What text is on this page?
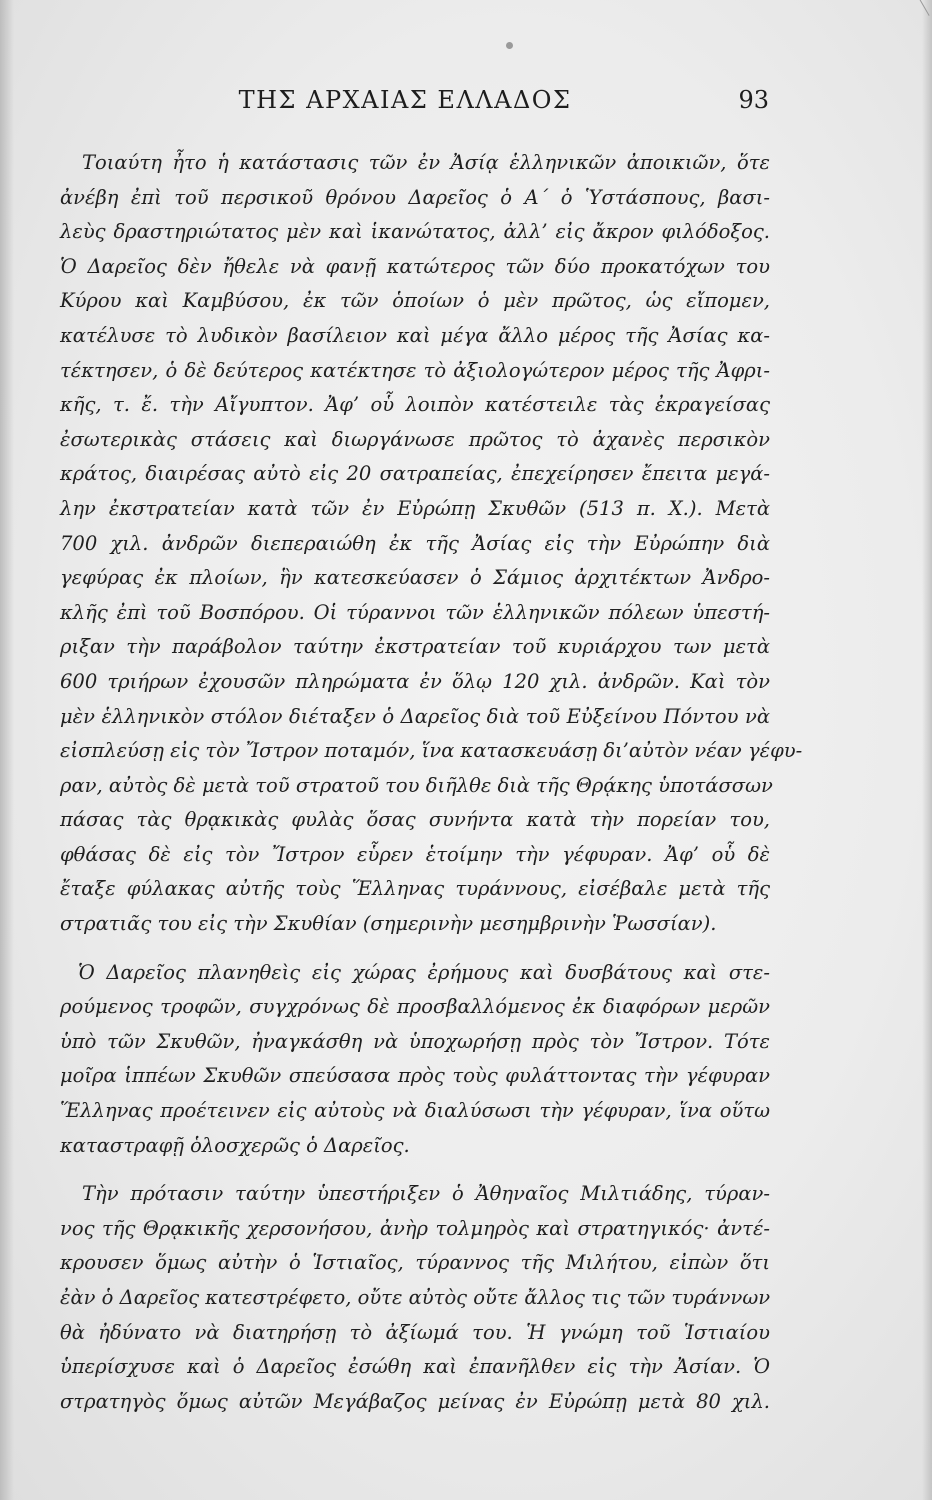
ΤΗΣ ΑΡΧΑΙΑΣ ΕΛΛΑΔΟΣ	93
Τοιαύτη ἦτο ἡ κατάστασις τῶν ἐν Ἀσίᾳ ἑλληνικῶν ἀποικιῶν, ὅτε
ἀνέβη ἐπὶ τοῦ περσικοῦ θρόνου Δαρεῖος ὁ Α΄ ὁ Ὑστάσπους, βασι-
λεὺς δραστηριώτατος μὲν καὶ ἱκανώτατος, ἀλλ’ εἰς ἄκρον φιλόδοξος.
Ὁ Δαρεῖος δὲν ἤθελε νὰ φανῇ κατώτερος τῶν δύο προκατόχων του
Κύρου καὶ Καμβύσου, ἐκ τῶν ὁποίων ὁ μὲν πρῶτος, ὡς εἴπομεν,
κατέλυσε τὸ λυδικὸν βασίλειον καὶ μέγα ἄλλο μέρος τῆς Ἀσίας κα-
τέκτησεν, ὁ δὲ δεύτερος κατέκτησε τὸ ἀξιολογώτερον μέρος τῆς Ἀφρι-
κῆς, τ. ἔ. τὴν Αἴγυπτον. Ἀφ’ οὗ λοιπὸν κατέστειλε τὰς ἐκραγείσας
ἐσωτερικὰς στάσεις καὶ διωργάνωσε πρῶτος τὸ ἀχανὲς περσικὸν
κράτος, διαιρέσας αὐτὸ εἰς 20 σατραπείας, ἐπεχείρησεν ἔπειτα μεγά-
λην ἐκστρατείαν κατὰ τῶν ἐν Εὐρώπῃ Σκυθῶν (513 π. Χ.). Μετὰ
700 χιλ. ἀνδρῶν διεπεραιώθη ἐκ τῆς Ἀσίας εἰς τὴν Εὐρώπην διὰ
γεφύρας ἐκ πλοίων, ἣν κατεσκεύασεν ὁ Σάμιος ἀρχιτέκτων Ἀνδρο-
κλῆς ἐπὶ τοῦ Βοσπόρου. Οἱ τύραννοι τῶν ἑλληνικῶν πόλεων ὑπεστή-
ριξαν τὴν παράβολον ταύτην ἐκστρατείαν τοῦ κυριάρχου των μετὰ
600 τριήρων ἐχουσῶν πληρώματα ἐν ὅλῳ 120 χιλ. ἀνδρῶν. Καὶ τὸν
μὲν ἑλληνικὸν στόλον διέταξεν ὁ Δαρεῖος διὰ τοῦ Εὐξείνου Πόντου νὰ
εἰσπλεύσῃ εἰς τὸν Ἴστρον ποταμόν, ἵνα κατασκευάσῃ δι’αὐτὸν νέαν γέφυ-
ραν, αὐτὸς δὲ μετὰ τοῦ στρατοῦ του διῆλθε διὰ τῆς Θρᾴκης ὑποτάσσων
πάσας τὰς θρᾳκικὰς φυλὰς ὅσας συνήντα κατὰ τὴν πορείαν του,
φθάσας δὲ εἰς τὸν Ἴστρον εὗρεν ἑτοίμην τὴν γέφυραν. Ἀφ’ οὗ δὲ
ἔταξε φύλακας αὐτῆς τοὺς Ἕλληνας τυράννους, εἰσέβαλε μετὰ τῆς
στρατιᾶς του εἰς τὴν Σκυθίαν (σημερινὴν μεσημβρινὴν Ῥωσσίαν).
Ὁ Δαρεῖος πλανηθεὶς εἰς χώρας ἐρήμους καὶ δυσβάτους καὶ στε-
ρούμενος τροφῶν, συγχρόνως δὲ προσβαλλόμενος ἐκ διαφόρων μερῶν
ὑπὸ τῶν Σκυθῶν, ἠναγκάσθη νὰ ὑποχωρήσῃ πρὸς τὸν Ἴστρον. Τότε
μοῖρα ἱππέων Σκυθῶν σπεύσασα πρὸς τοὺς φυλάττοντας τὴν γέφυραν
Ἕλληνας προέτεινεν εἰς αὐτοὺς νὰ διαλύσωσι τὴν γέφυραν, ἵνα οὕτω
καταστραφῇ ὁλοσχερῶς ὁ Δαρεῖος.
Τὴν πρότασιν ταύτην ὑπεστήριξεν ὁ Ἀθηναῖος Μιλτιάδης, τύραν-
νος τῆς Θρᾳκικῆς χερσονήσου, ἀνὴρ τολμηρὸς καὶ στρατηγικός· ἀντέ-
κρουσεν ὅμως αὐτὴν ὁ Ἱστιαῖος, τύραννος τῆς Μιλήτου, εἰπὼν ὅτι
ἐὰν ὁ Δαρεῖος κατεστρέφετο, οὔτε αὐτὸς οὔτε ἄλλος τις τῶν τυράννων
θὰ ἠδύνατο νὰ διατηρήσῃ τὸ ἀξίωμά του. Ἡ γνώμη τοῦ Ἱστιαίου
ὑπερίσχυσε καὶ ὁ Δαρεῖος ἐσώθη καὶ ἐπανῆλθεν εἰς τὴν Ἀσίαν. Ὁ
στρατηγὸς ὅμως αὐτῶν Μεγάβαζος μείνας ἐν Εὐρώπῃ μετὰ 80 χιλ.
